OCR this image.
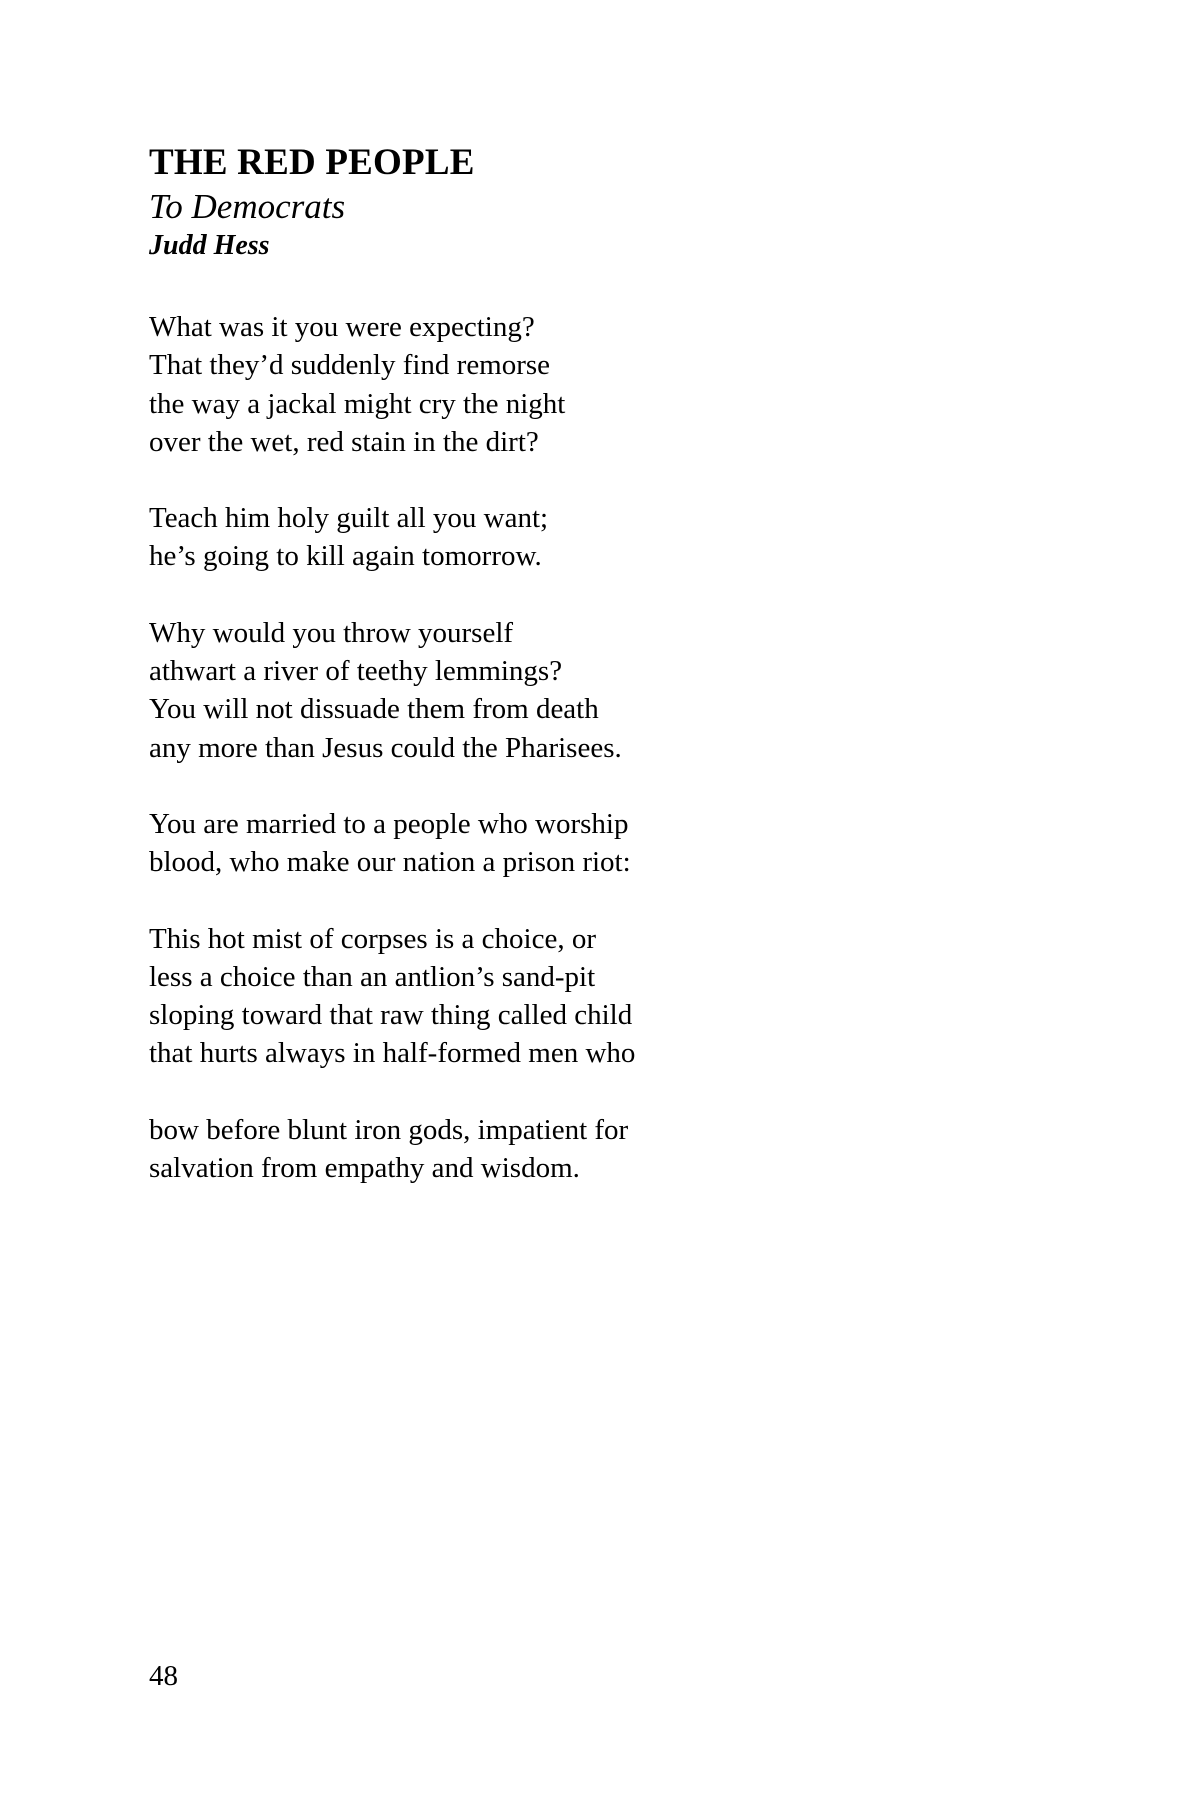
THE RED PEOPLE
To Democrats
Judd Hess
What was it you were expecting?
That they’d suddenly find remorse
the way a jackal might cry the night
over the wet, red stain in the dirt?
Teach him holy guilt all you want;
he’s going to kill again tomorrow.
Why would you throw yourself
athwart a river of teethy lemmings?
You will not dissuade them from death
any more than Jesus could the Pharisees.
You are married to a people who worship
blood, who make our nation a prison riot:
This hot mist of corpses is a choice, or
less a choice than an antlion’s sand-pit
sloping toward that raw thing called child
that hurts always in half-formed men who
bow before blunt iron gods, impatient for
salvation from empathy and wisdom.
48
